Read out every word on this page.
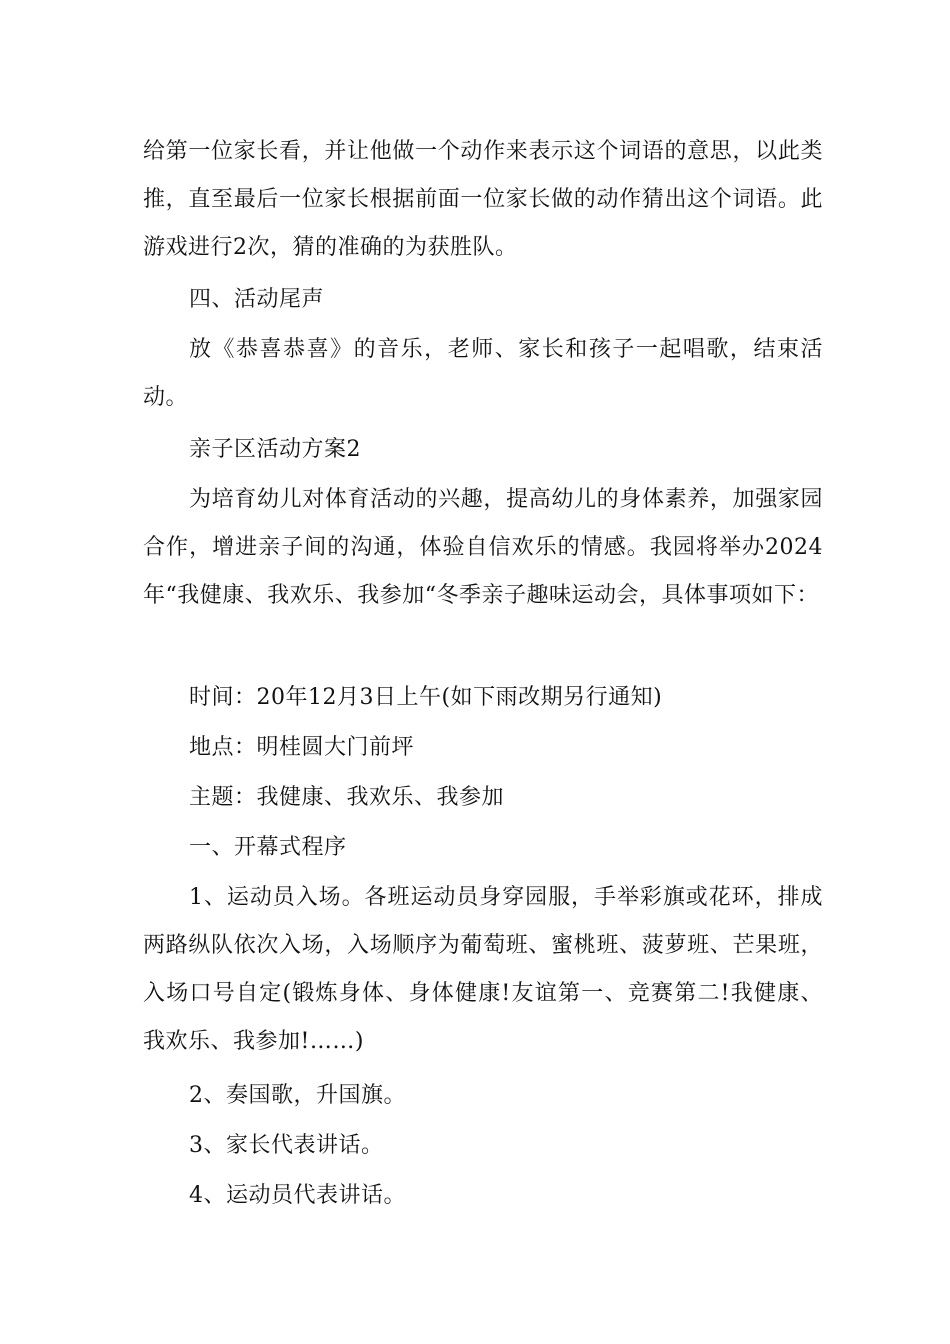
给第一位家长看，并让他做一个动作来表示这个词语的意思，以此类推，直至最后一位家长根据前面一位家长做的动作猜出这个词语。此游戏进行2次，猜的准确的为获胜队。

四、活动尾声

放《恭喜恭喜》的音乐，老师、家长和孩子一起唱歌，结束活动。

亲子区活动方案2

为培育幼儿对体育活动的兴趣，提高幼儿的身体素养，加强家园合作，增进亲子间的沟通，体验自信欢乐的情感。我园将举办2024年“我健康、我欢乐、我参加“冬季亲子趣味运动会，具体事项如下：

时间：20年12月3日上午(如下雨改期另行通知)

地点：明桂圆大门前坪

主题：我健康、我欢乐、我参加

一、开幕式程序

1、运动员入场。各班运动员身穿园服，手举彩旗或花环，排成两路纵队依次入场，入场顺序为葡萄班、蜜桃班、菠萝班、芒果班，入场口号自定(锻炼身体、身体健康!友谊第一、竞赛第二!我健康、我欢乐、我参加!……)

2、奏国歌，升国旗。

3、家长代表讲话。

4、运动员代表讲话。
